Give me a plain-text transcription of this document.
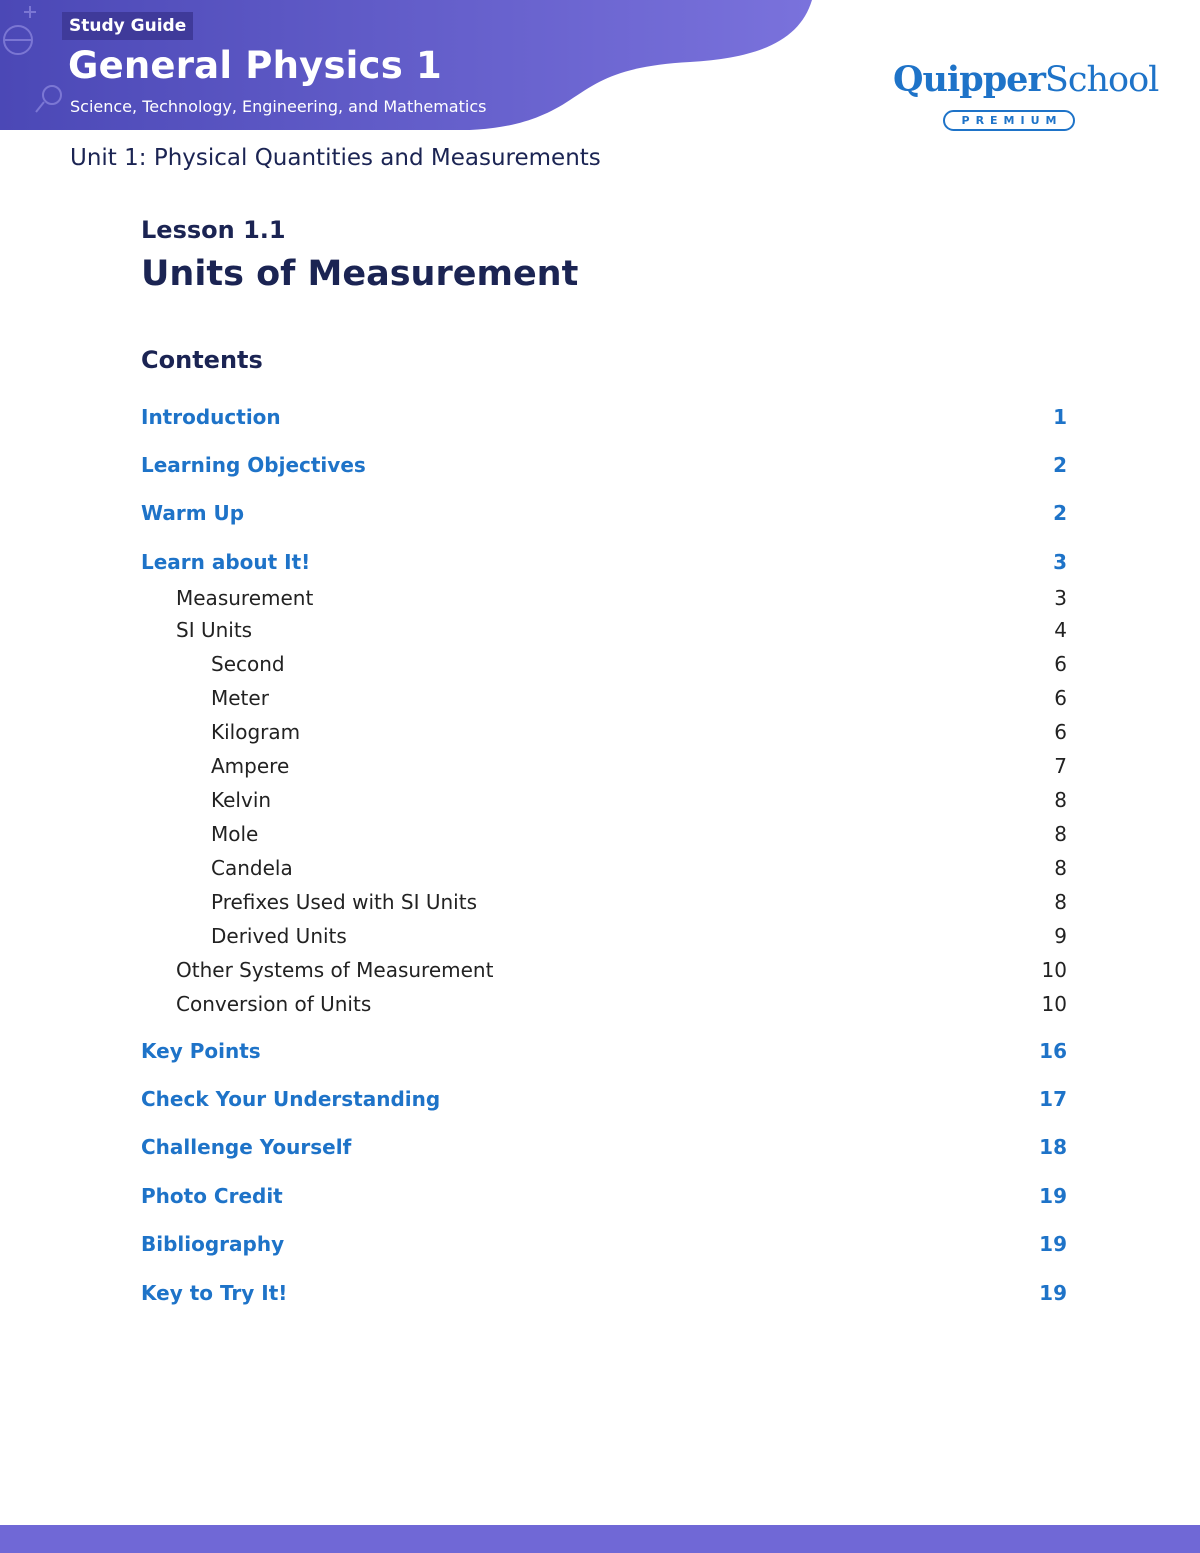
Study Guide
General Physics 1
Science, Technology, Engineering, and Mathematics
QuipperSchool
PREMIUM
Unit 1: Physical Quantities and Measurements
Lesson 1.1
Units of Measurement
Contents
Introduction	1
Learning Objectives	2
Warm Up	2
Learn about It!	3
Measurement	3
SI Units	4
Second	6
Meter	6
Kilogram	6
Ampere	7
Kelvin	8
Mole	8
Candela	8
Prefixes Used with SI Units	8
Derived Units	9
Other Systems of Measurement	10
Conversion of Units	10
Key Points	16
Check Your Understanding	17
Challenge Yourself	18
Photo Credit	19
Bibliography	19
Key to Try It!	19
